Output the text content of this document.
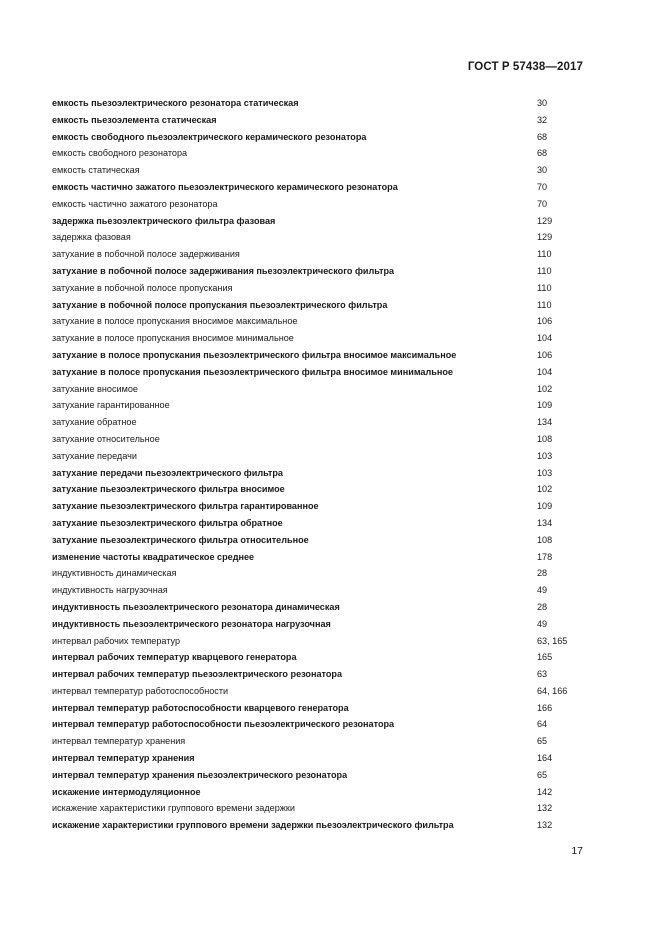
ГОСТ Р 57438—2017
емкость пьезоэлектрического резонатора статическая	30
емкость пьезоэлемента статическая	32
емкость свободного пьезоэлектрического керамического резонатора	68
емкость свободного резонатора	68
емкость статическая	30
емкость частично зажатого пьезоэлектрического керамического резонатора	70
емкость частично зажатого резонатора	70
задержка пьезоэлектрического фильтра фазовая	129
задержка фазовая	129
затухание в побочной полосе задерживания	110
затухание в побочной полосе задерживания пьезоэлектрического фильтра	110
затухание в побочной полосе пропускания	110
затухание в побочной полосе пропускания пьезоэлектрического фильтра	110
затухание в полосе пропускания вносимое максимальное	106
затухание в полосе пропускания вносимое минимальное	104
затухание в полосе пропускания пьезоэлектрического фильтра вносимое максимальное	106
затухание в полосе пропускания пьезоэлектрического фильтра вносимое минимальное	104
затухание вносимое	102
затухание гарантированное	109
затухание обратное	134
затухание относительное	108
затухание передачи	103
затухание передачи пьезоэлектрического фильтра	103
затухание пьезоэлектрического фильтра вносимое	102
затухание пьезоэлектрического фильтра гарантированное	109
затухание пьезоэлектрического фильтра обратное	134
затухание пьезоэлектрического фильтра относительное	108
изменение частоты квадратическое среднее	178
индуктивность динамическая	28
индуктивность нагрузочная	49
индуктивность пьезоэлектрического резонатора динамическая	28
индуктивность пьезоэлектрического резонатора нагрузочная	49
интервал рабочих температур	63, 165
интервал рабочих температур кварцевого генератора	165
интервал рабочих температур пьезоэлектрического резонатора	63
интервал температур работоспособности	64, 166
интервал температур работоспособности кварцевого генератора	166
интервал температур работоспособности пьезоэлектрического резонатора	64
интервал температур хранения	65
интервал температур хранения	164
интервал температур хранения пьезоэлектрического резонатора	65
искажение интермодуляционное	142
искажение характеристики группового времени задержки	132
искажение характеристики группового времени задержки пьезоэлектрического фильтра	132
17
